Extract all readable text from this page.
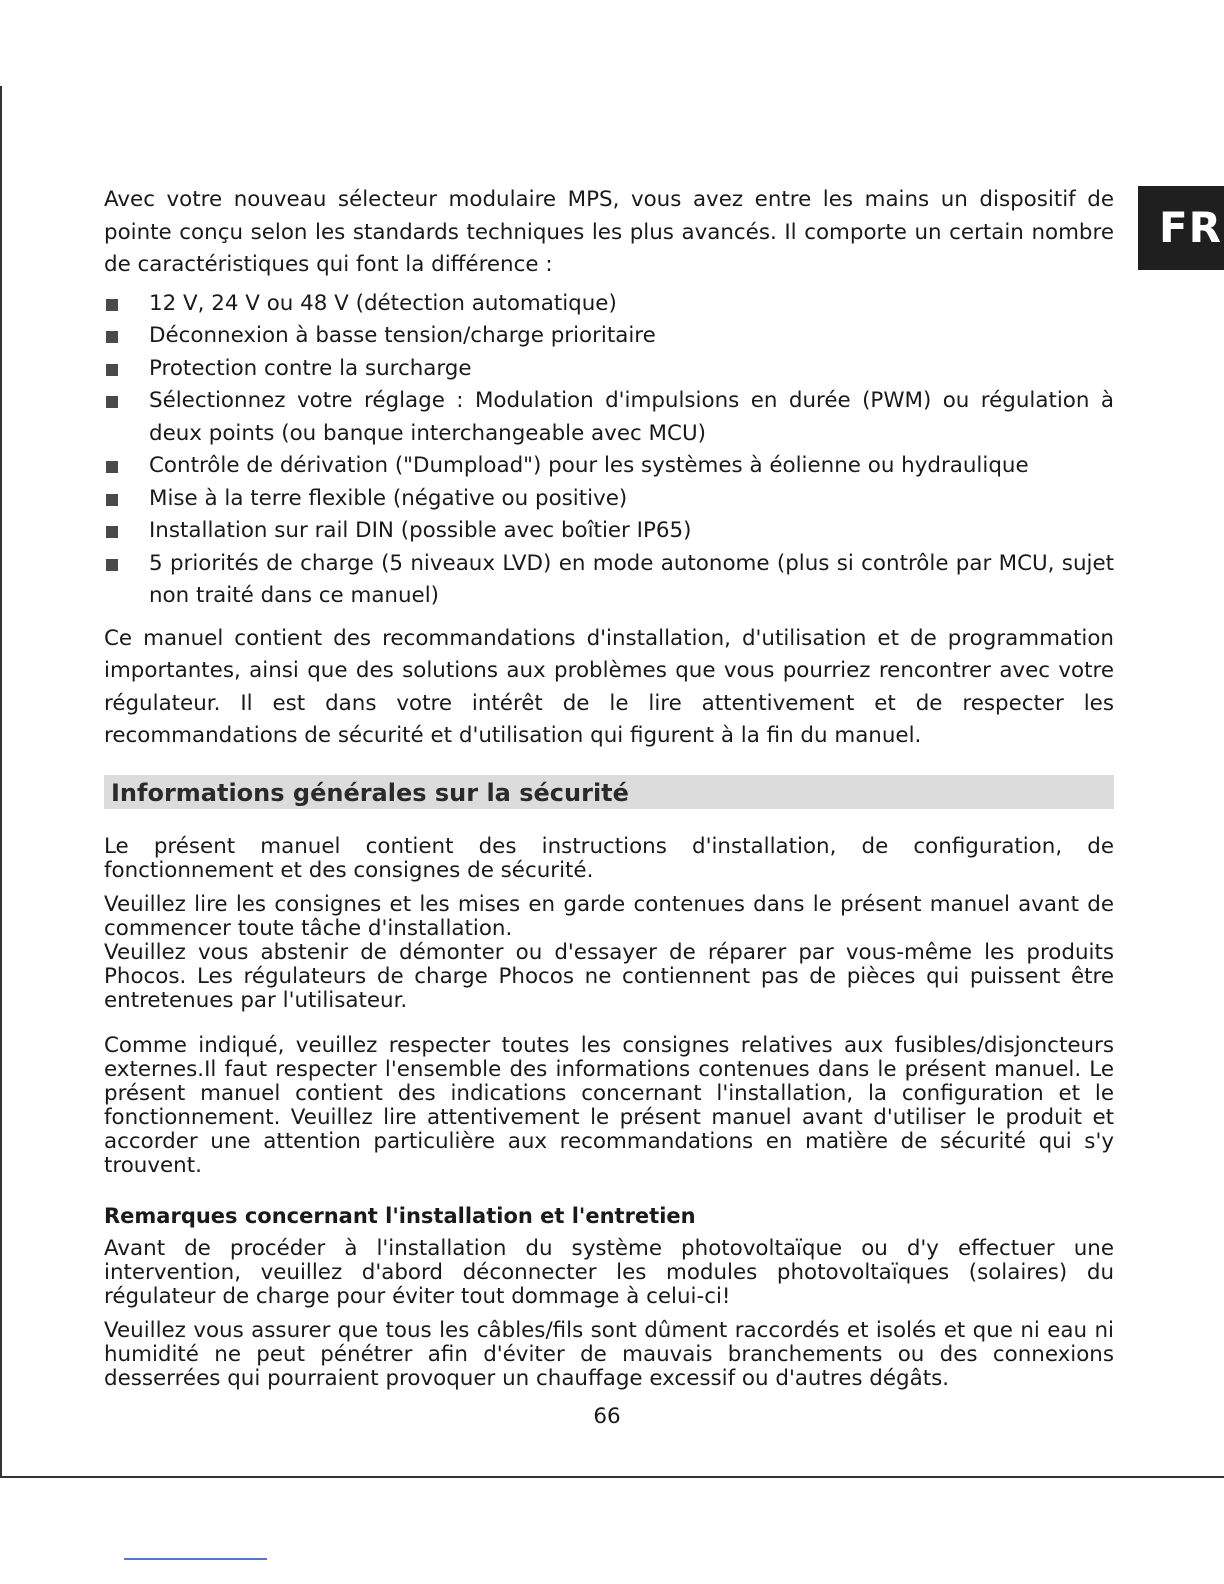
FR

Avec votre nouveau sélecteur modulaire MPS, vous avez entre les mains un dispositif de pointe conçu selon les standards techniques les plus avancés. Il comporte un certain nombre de caractéristiques qui font la différence :

12 V, 24 V ou 48 V (détection automatique)
Déconnexion à basse tension/charge prioritaire
Protection contre la surcharge
Sélectionnez votre réglage : Modulation d'impulsions en durée (PWM) ou régulation à deux points (ou banque interchangeable avec MCU)
Contrôle de dérivation ("Dumpload") pour les systèmes à éolienne ou hydraulique
Mise à la terre flexible (négative ou positive)
Installation sur rail DIN (possible avec boîtier IP65)
5 priorités de charge (5 niveaux LVD) en mode autonome (plus si contrôle par MCU, sujet non traité dans ce manuel)

Ce manuel contient des recommandations d'installation, d'utilisation et de programmation importantes, ainsi que des solutions aux problèmes que vous pourriez rencontrer avec votre régulateur. Il est dans votre intérêt de le lire attentivement et de respecter les recommandations de sécurité et d'utilisation qui figurent à la fin du manuel.

Informations générales sur la sécurité

Le présent manuel contient des instructions d'installation, de configuration, de fonctionnement et des consignes de sécurité.

Veuillez lire les consignes et les mises en garde contenues dans le présent manuel avant de commencer toute tâche d'installation.

Veuillez vous abstenir de démonter ou d'essayer de réparer par vous-même les produits Phocos. Les régulateurs de charge Phocos ne contiennent pas de pièces qui puissent être entretenues par l'utilisateur.

Comme indiqué, veuillez respecter toutes les consignes relatives aux fusibles/disjoncteurs externes.Il faut respecter l'ensemble des informations contenues dans le présent manuel. Le présent manuel contient des indications concernant l'installation, la configuration et le fonctionnement. Veuillez lire attentivement le présent manuel avant d'utiliser le produit et accorder une attention particulière aux recommandations en matière de sécurité qui s'y trouvent.

Remarques concernant l'installation et l'entretien

Avant de procéder à l'installation du système photovoltaïque ou d'y effectuer une intervention, veuillez d'abord déconnecter les modules photovoltaïques (solaires) du régulateur de charge pour éviter tout dommage à celui-ci!

Veuillez vous assurer que tous les câbles/fils sont dûment raccordés et isolés et que ni eau ni humidité ne peut pénétrer afin d'éviter de mauvais branchements ou des connexions desserrées qui pourraient provoquer un chauffage excessif ou d'autres dégâts.

66
